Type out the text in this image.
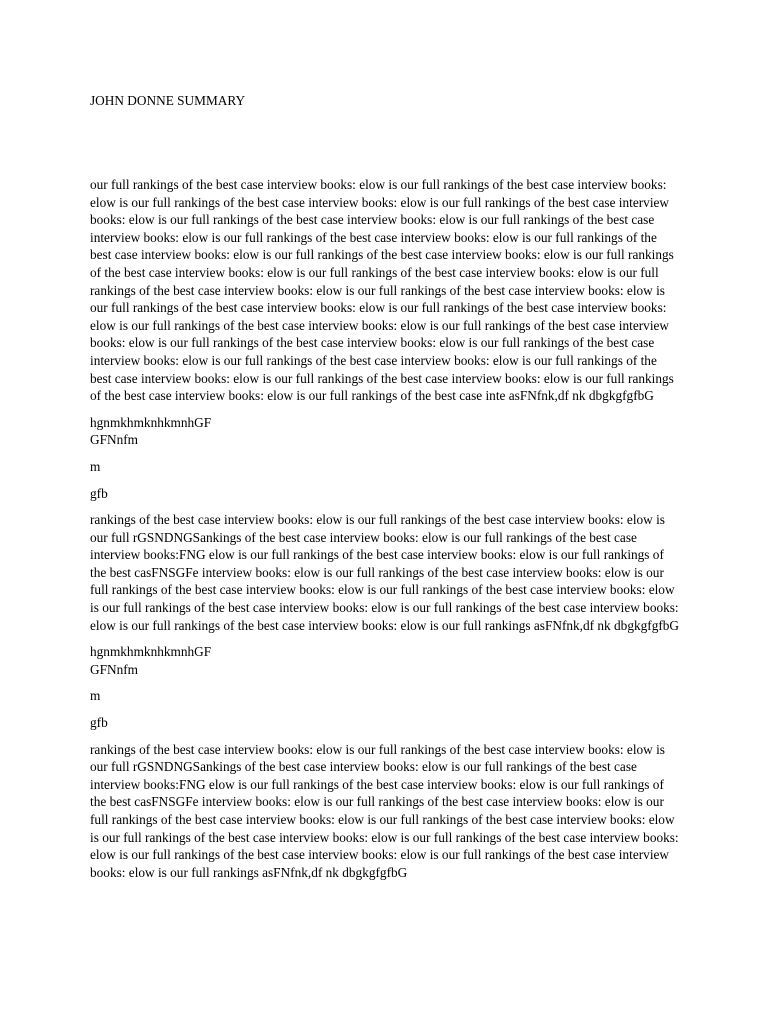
JOHN DONNE SUMMARY

our full rankings of the best case interview books: elow is our full rankings of the best case interview books: elow is our full rankings of the best case interview books: elow is our full rankings of the best case interview books: elow is our full rankings of the best case interview books: elow is our full rankings of the best case interview books: elow is our full rankings of the best case interview books: elow is our full rankings of the best case interview books: elow is our full rankings of the best case interview books: elow is our full rankings of the best case interview books: elow is our full rankings of the best case interview books: elow is our full rankings of the best case interview books: elow is our full rankings of the best case interview books: elow is our full rankings of the best case interview books: elow is our full rankings of the best case interview books: elow is our full rankings of the best case interview books: elow is our full rankings of the best case interview books: elow is our full rankings of the best case interview books: elow is our full rankings of the best case interview books: elow is our full rankings of the best case interview books: elow is our full rankings of the best case interview books: elow is our full rankings of the best case interview books: elow is our full rankings of the best case interview books: elow is our full rankings of the best case inte asFNfnk,df nk dbgkgfgfbG

hgnmkhmknhkmnhGF
GFNnfm

m

gfb

rankings of the best case interview books: elow is our full rankings of the best case interview books: elow is our full rGSNDNGSankings of the best case interview books: elow is our full rankings of the best case interview books:FNG elow is our full rankings of the best case interview books: elow is our full rankings of the best casFNSGFe interview books: elow is our full rankings of the best case interview books: elow is our full rankings of the best case interview books: elow is our full rankings of the best case interview books: elow is our full rankings of the best case interview books: elow is our full rankings of the best case interview books: elow is our full rankings of the best case interview books: elow is our full rankings asFNfnk,df nk dbgkgfgfbG

hgnmkhmknhkmnhGF
GFNnfm

m

gfb

rankings of the best case interview books: elow is our full rankings of the best case interview books: elow is our full rGSNDNGSankings of the best case interview books: elow is our full rankings of the best case interview books:FNG elow is our full rankings of the best case interview books: elow is our full rankings of the best casFNSGFe interview books: elow is our full rankings of the best case interview books: elow is our full rankings of the best case interview books: elow is our full rankings of the best case interview books: elow is our full rankings of the best case interview books: elow is our full rankings of the best case interview books: elow is our full rankings of the best case interview books: elow is our full rankings of the best case interview books: elow is our full rankings asFNfnk,df nk dbgkgfgfbG
